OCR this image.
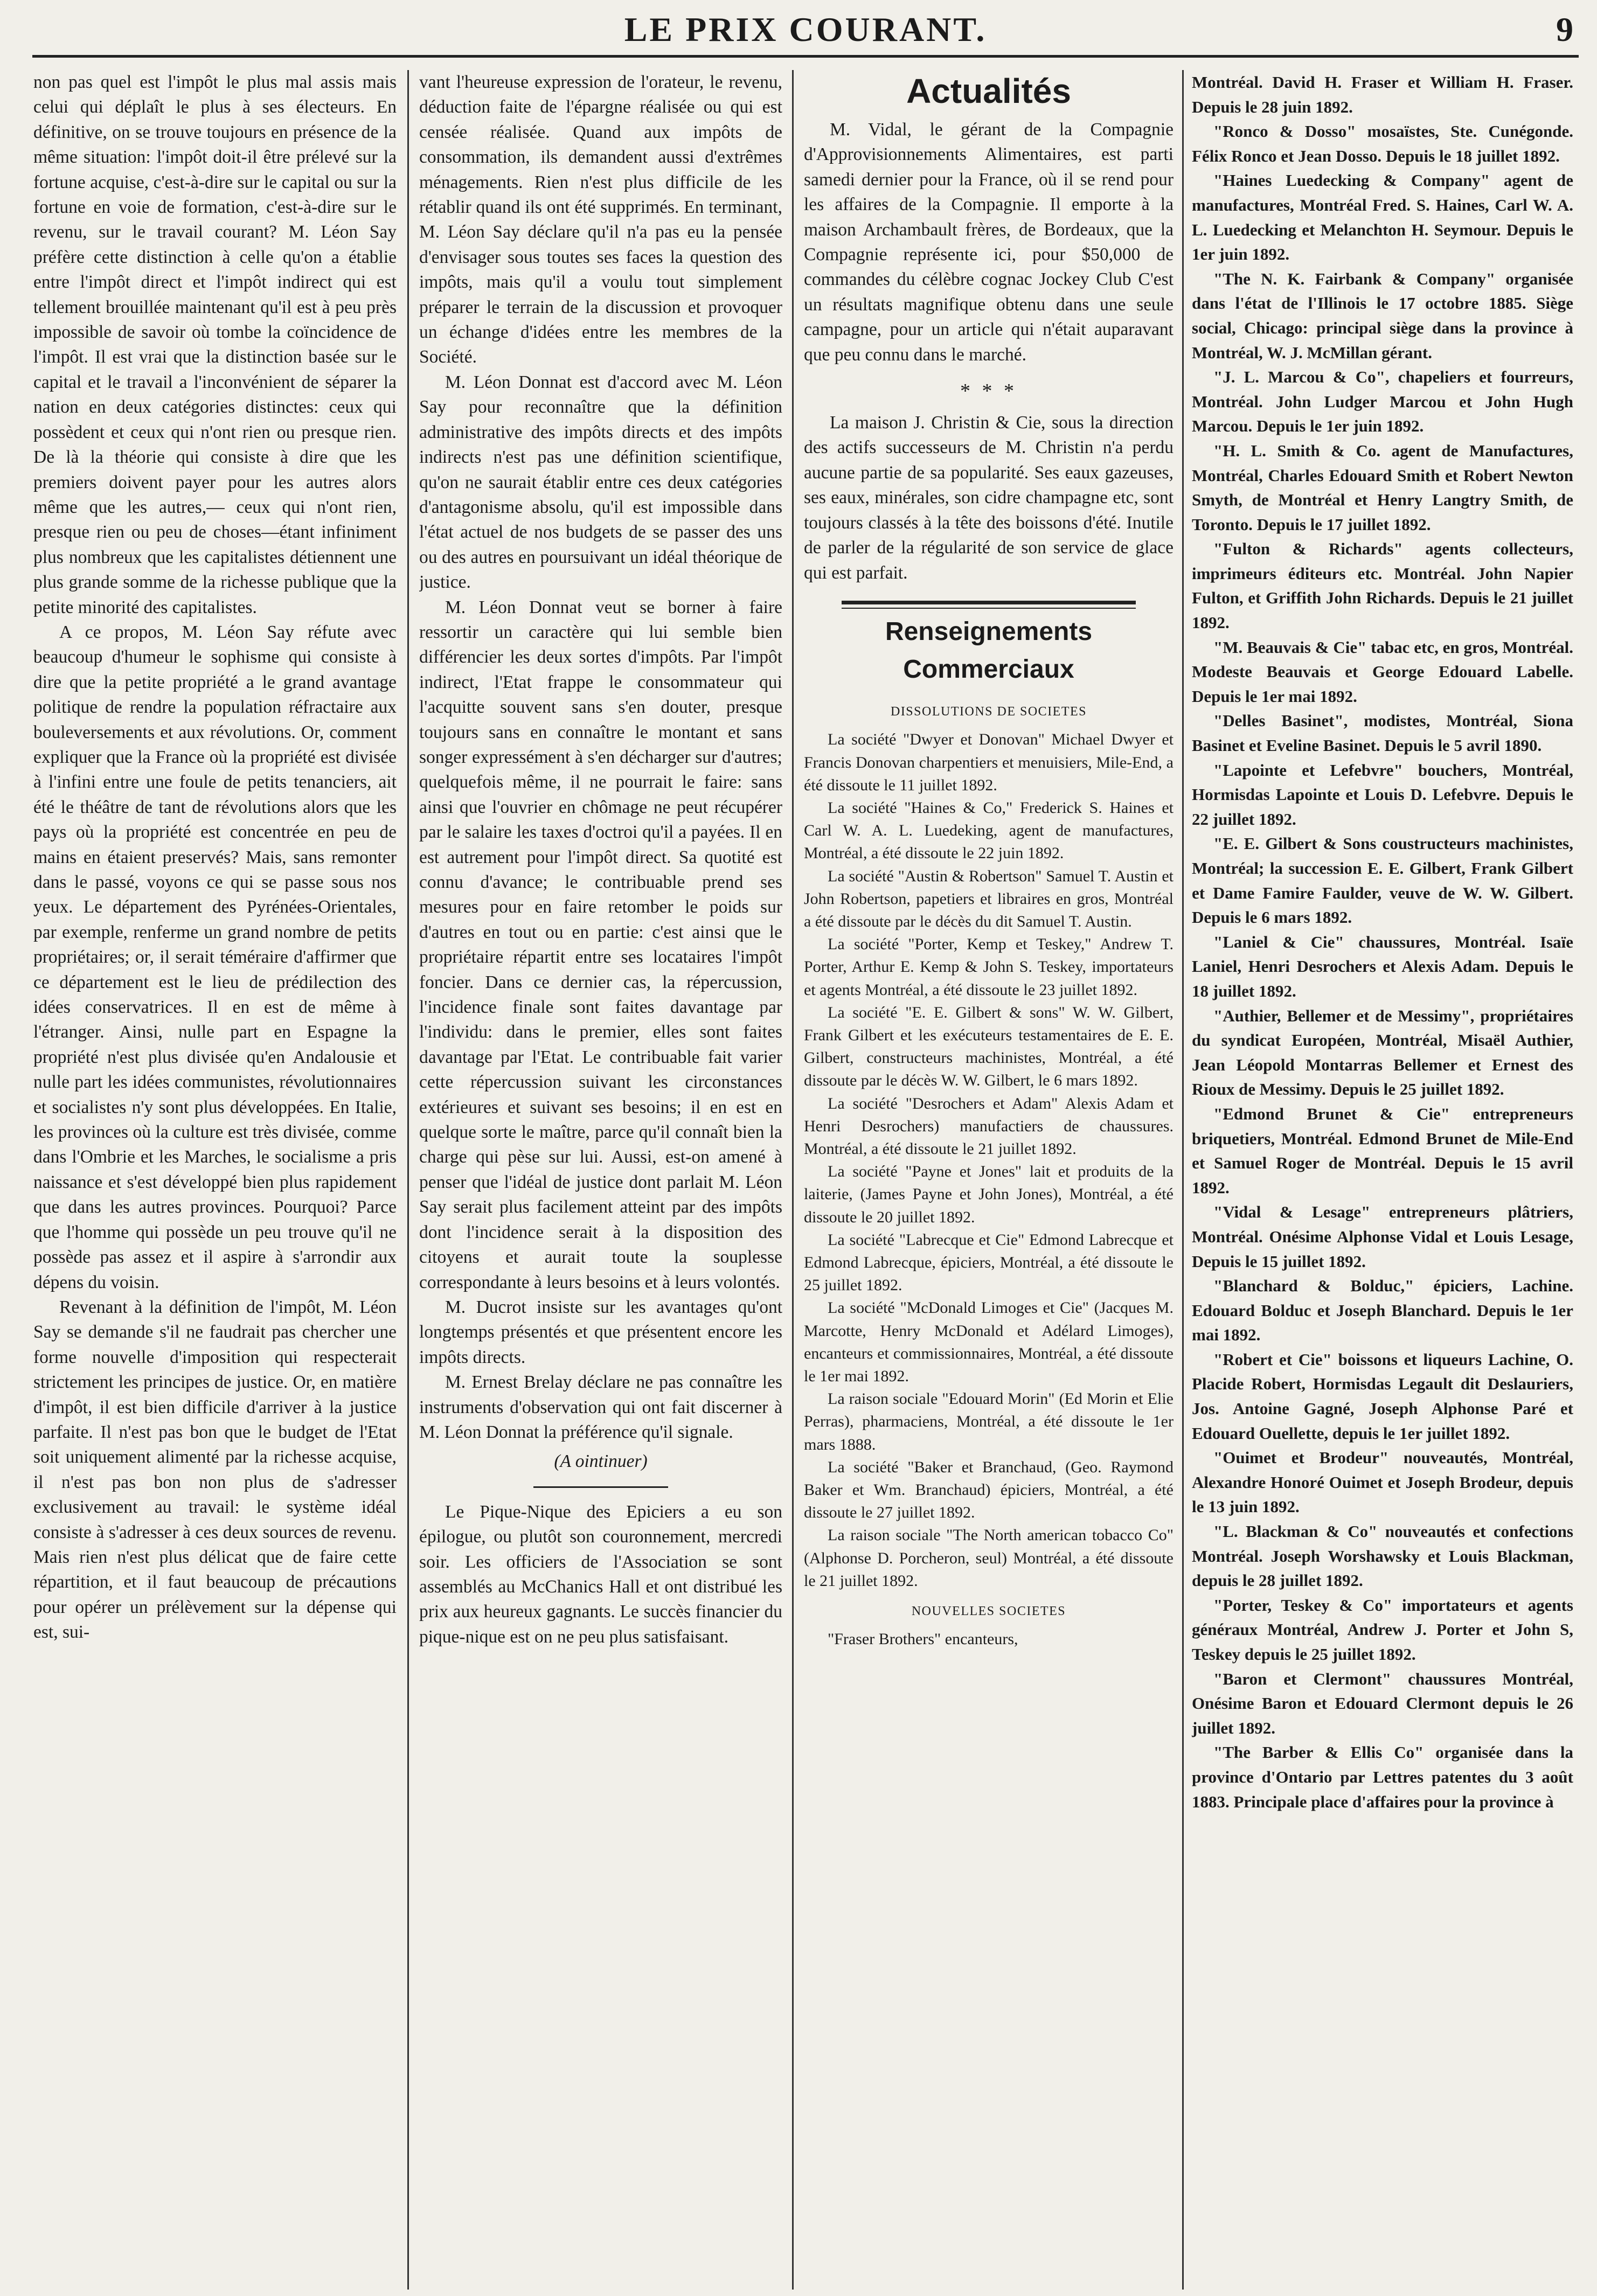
LE PRIX COURANT.	9

non pas quel est l'impôt le plus mal assis mais celui qui déplaît le plus à ses électeurs. En définitive, on se trouve toujours en présence de la même situation: l'impôt doit-il être prélevé sur la fortune acquise, c'est-à-dire sur le capital ou sur la fortune en voie de formation, c'est-à-dire sur le revenu, sur le travail courant? M. Léon Say préfère cette distinction à celle qu'on a établie entre l'impôt direct et l'impôt indirect qui est tellement brouillée maintenant qu'il est à peu près impossible de savoir où tombe la coïncidence de l'impôt. Il est vrai que la distinction basée sur le capital et le travail a l'inconvénient de séparer la nation en deux catégories distinctes: ceux qui possèdent et ceux qui n'ont rien ou presque rien. De là la théorie qui consiste à dire que les premiers doivent payer pour les autres alors même que les autres,— ceux qui n'ont rien, presque rien ou peu de choses—étant infiniment plus nombreux que les capitalistes détiennent une plus grande somme de la richesse publique que la petite minorité des capitalistes.

A ce propos, M. Léon Say réfute avec beaucoup d'humeur le sophisme qui consiste à dire que la petite propriété a le grand avantage politique de rendre la population réfractaire aux bouleversements et aux révolutions. Or, comment expliquer que la France où la propriété est divisée à l'infini entre une foule de petits tenanciers, ait été le théâtre de tant de révolutions alors que les pays où la propriété est concentrée en peu de mains en étaient preservés? Mais, sans remonter dans le passé, voyons ce qui se passe sous nos yeux. Le département des Pyrénées-Orientales, par exemple, renferme un grand nombre de petits propriétaires; or, il serait téméraire d'affirmer que ce département est le lieu de prédilection des idées conservatrices. Il en est de même à l'étranger. Ainsi, nulle part en Espagne la propriété n'est plus divisée qu'en Andalousie et nulle part les idées communistes, révolutionnaires et socialistes n'y sont plus développées. En Italie, les provinces où la culture est très divisée, comme dans l'Ombrie et les Marches, le socialisme a pris naissance et s'est développé bien plus rapidement que dans les autres provinces. Pourquoi? Parce que l'homme qui possède un peu trouve qu'il ne possède pas assez et il aspire à s'arrondir aux dépens du voisin.

Revenant à la définition de l'impôt, M. Léon Say se demande s'il ne faudrait pas chercher une forme nouvelle d'imposition qui respecterait strictement les principes de justice. Or, en matière d'impôt, il est bien difficile d'arriver à la justice parfaite. Il n'est pas bon que le budget de l'Etat soit uniquement alimenté par la richesse acquise, il n'est pas bon non plus de s'adresser exclusivement au travail: le système idéal consiste à s'adresser à ces deux sources de revenu. Mais rien n'est plus délicat que de faire cette répartition, et il faut beaucoup de précautions pour opérer un prélèvement sur la dépense qui est, sui-

vant l'heureuse expression de l'orateur, le revenu, déduction faite de l'épargne réalisée ou qui est censée réalisée. Quand aux impôts de consommation, ils demandent aussi d'extrêmes ménagements. Rien n'est plus difficile de les rétablir quand ils ont été supprimés. En terminant, M. Léon Say déclare qu'il n'a pas eu la pensée d'envisager sous toutes ses faces la question des impôts, mais qu'il a voulu tout simplement préparer le terrain de la discussion et provoquer un échange d'idées entre les membres de la Société.

M. Léon Donnat est d'accord avec M. Léon Say pour reconnaître que la définition administrative des impôts directs et des impôts indirects n'est pas une définition scientifique, qu'on ne saurait établir entre ces deux catégories d'antagonisme absolu, qu'il est impossible dans l'état actuel de nos budgets de se passer des uns ou des autres en poursuivant un idéal théorique de justice.

M. Léon Donnat veut se borner à faire ressortir un caractère qui lui semble bien différencier les deux sortes d'impôts. Par l'impôt indirect, l'Etat frappe le consommateur qui l'acquitte souvent sans s'en douter, presque toujours sans en connaître le montant et sans songer expressément à s'en décharger sur d'autres; quelquefois même, il ne pourrait le faire: sans ainsi que l'ouvrier en chômage ne peut récupérer par le salaire les taxes d'octroi qu'il a payées. Il en est autrement pour l'impôt direct. Sa quotité est connu d'avance; le contribuable prend ses mesures pour en faire retomber le poids sur d'autres en tout ou en partie: c'est ainsi que le propriétaire répartit entre ses locataires l'impôt foncier. Dans ce dernier cas, la répercussion, l'incidence finale sont faites davantage par l'individu: dans le premier, elles sont faites davantage par l'Etat. Le contribuable fait varier cette répercussion suivant les circonstances extérieures et suivant ses besoins; il en est en quelque sorte le maître, parce qu'il connaît bien la charge qui pèse sur lui. Aussi, est-on amené à penser que l'idéal de justice dont parlait M. Léon Say serait plus facilement atteint par des impôts dont l'incidence serait à la disposition des citoyens et aurait toute la souplesse correspondante à leurs besoins et à leurs volontés.

M. Ducrot insiste sur les avantages qu'ont longtemps présentés et que présentent encore les impôts directs.

M. Ernest Brelay déclare ne pas connaître les instruments d'observation qui ont fait discerner à M. Léon Donnat la préférence qu'il signale.

(A ointinuer)

Le Pique-Nique des Epiciers a eu son épilogue, ou plutôt son couronnement, mercredi soir. Les officiers de l'Association se sont assemblés au McChanics Hall et ont distribué les prix aux heureux gagnants. Le succès financier du pique-nique est on ne peu plus satisfaisant.

Actualités

M. Vidal, le gérant de la Compagnie d'Approvisionnements Alimentaires, est parti samedi dernier pour la France, où il se rend pour les affaires de la Compagnie. Il emporte à la maison Archambault frères, de Bordeaux, que la Compagnie représente ici, pour $50,000 de commandes du célèbre cognac Jockey Club C'est un résultats magnifique obtenu dans une seule campagne, pour un article qui n'était auparavant que peu connu dans le marché.

* * *

La maison J. Christin & Cie, sous la direction des actifs successeurs de M. Christin n'a perdu aucune partie de sa popularité. Ses eaux gazeuses, ses eaux, minérales, son cidre champagne etc, sont toujours classés à la tête des boissons d'été. Inutile de parler de la régularité de son service de glace qui est parfait.

Renseignements Commerciaux
DISSOLUTIONS DE SOCIETES

La société "Dwyer et Donovan" Michael Dwyer et Francis Donovan charpentiers et menuisiers, Mile-End, a été dissoute le 11 juillet 1892.

La société "Haines & Co," Frederick S. Haines et Carl W. A. L. Luedeking, agent de manufactures, Montréal, a été dissoute le 22 juin 1892.

La société "Austin & Robertson" Samuel T. Austin et John Robertson, papetiers et libraires en gros, Montréal a été dissoute par le décès du dit Samuel T. Austin.

La société "Porter, Kemp et Teskey," Andrew T. Porter, Arthur E. Kemp & John S. Teskey, importateurs et agents Montréal, a été dissoute le 23 juillet 1892.

La société "E. E. Gilbert & sons" W. W. Gilbert, Frank Gilbert et les exécuteurs testamentaires de E. E. Gilbert, constructeurs machinistes, Montréal, a été dissoute par le décès W. W. Gilbert, le 6 mars 1892.

La société "Desrochers et Adam" Alexis Adam et Henri Desrochers) manufactiers de chaussures. Montréal, a été dissoute le 21 juillet 1892.

La société "Payne et Jones" lait et produits de la laiterie, (James Payne et John Jones), Montréal, a été dissoute le 20 juillet 1892.

La société "Labrecque et Cie" Edmond Labrecque et Edmond Labrecque, épiciers, Montréal, a été dissoute le 25 juillet 1892.

La société "McDonald Limoges et Cie" (Jacques M. Marcotte, Henry McDonald et Adélard Limoges), encanteurs et commissionnaires, Montréal, a été dissoute le 1er mai 1892.

La raison sociale "Edouard Morin" (Ed Morin et Elie Perras), pharmaciens, Montréal, a été dissoute le 1er mars 1888.

La société "Baker et Branchaud, (Geo. Raymond Baker et Wm. Branchaud) épiciers, Montréal, a été dissoute le 27 juillet 1892.

La raison sociale "The North american tobacco Co" (Alphonse D. Porcheron, seul) Montréal, a été dissoute le 21 juillet 1892.

NOUVELLES SOCIETES

"Fraser Brothers" encanteurs,

Montréal. David H. Fraser et William H. Fraser. Depuis le 28 juin 1892.

"Ronco & Dosso" mosaïstes, Ste. Cunégonde. Félix Ronco et Jean Dosso. Depuis le 18 juillet 1892.

"Haines Luedecking & Company" agent de manufactures, Montréal Fred. S. Haines, Carl W. A. L. Luedecking et Melanchton H. Seymour. Depuis le 1er juin 1892.

"The N. K. Fairbank & Company" organisée dans l'état de l'Illinois le 17 octobre 1885. Siège social, Chicago: principal siège dans la province à Montréal, W. J. McMillan gérant.

"J. L. Marcou & Co", chapeliers et fourreurs, Montréal. John Ludger Marcou et John Hugh Marcou. Depuis le 1er juin 1892.

"H. L. Smith & Co. agent de Manufactures, Montréal, Charles Edouard Smith et Robert Newton Smyth, de Montréal et Henry Langtry Smith, de Toronto. Depuis le 17 juillet 1892.

"Fulton & Richards" agents collecteurs, imprimeurs éditeurs etc. Montréal. John Napier Fulton, et Griffith John Richards. Depuis le 21 juillet 1892.

"M. Beauvais & Cie" tabac etc, en gros, Montréal. Modeste Beauvais et George Edouard Labelle. Depuis le 1er mai 1892.

"Delles Basinet", modistes, Montréal, Siona Basinet et Eveline Basinet. Depuis le 5 avril 1890.

"Lapointe et Lefebvre" bouchers, Montréal, Hormisdas Lapointe et Louis D. Lefebvre. Depuis le 22 juillet 1892.

"E. E. Gilbert & Sons coustructeurs machinistes, Montréal; la succession E. E. Gilbert, Frank Gilbert et Dame Famire Faulder, veuve de W. W. Gilbert. Depuis le 6 mars 1892.

"Laniel & Cie" chaussures, Montréal. Isaïe Laniel, Henri Desrochers et Alexis Adam. Depuis le 18 juillet 1892.

"Authier, Bellemer et de Messimy", propriétaires du syndicat Européen, Montréal, Misaël Authier, Jean Léopold Montarras Bellemer et Ernest des Rioux de Messimy. Depuis le 25 juillet 1892.

"Edmond Brunet & Cie" entrepreneurs briquetiers, Montréal. Edmond Brunet de Mile-End et Samuel Roger de Montréal. Depuis le 15 avril 1892.

"Vidal & Lesage" entrepreneurs plâtriers, Montréal. Onésime Alphonse Vidal et Louis Lesage, Depuis le 15 juillet 1892.

"Blanchard & Bolduc," épiciers, Lachine. Edouard Bolduc et Joseph Blanchard. Depuis le 1er mai 1892.

"Robert et Cie" boissons et liqueurs Lachine, O. Placide Robert, Hormisdas Legault dit Deslauriers, Jos. Antoine Gagné, Joseph Alphonse Paré et Edouard Ouellette, depuis le 1er juillet 1892.

"Ouimet et Brodeur" nouveautés, Montréal, Alexandre Honoré Ouimet et Joseph Brodeur, depuis le 13 juin 1892.

"L. Blackman & Co" nouveautés et confections Montréal. Joseph Worshawsky et Louis Blackman, depuis le 28 juillet 1892.

"Porter, Teskey & Co" importateurs et agents généraux Montréal, Andrew J. Porter et John S, Teskey depuis le 25 juillet 1892.

"Baron et Clermont" chaussures Montréal, Onésime Baron et Edouard Clermont depuis le 26 juillet 1892.

"The Barber & Ellis Co" organisée dans la province d'Ontario par Lettres patentes du 3 août 1883. Principale place d'affaires pour la province à
